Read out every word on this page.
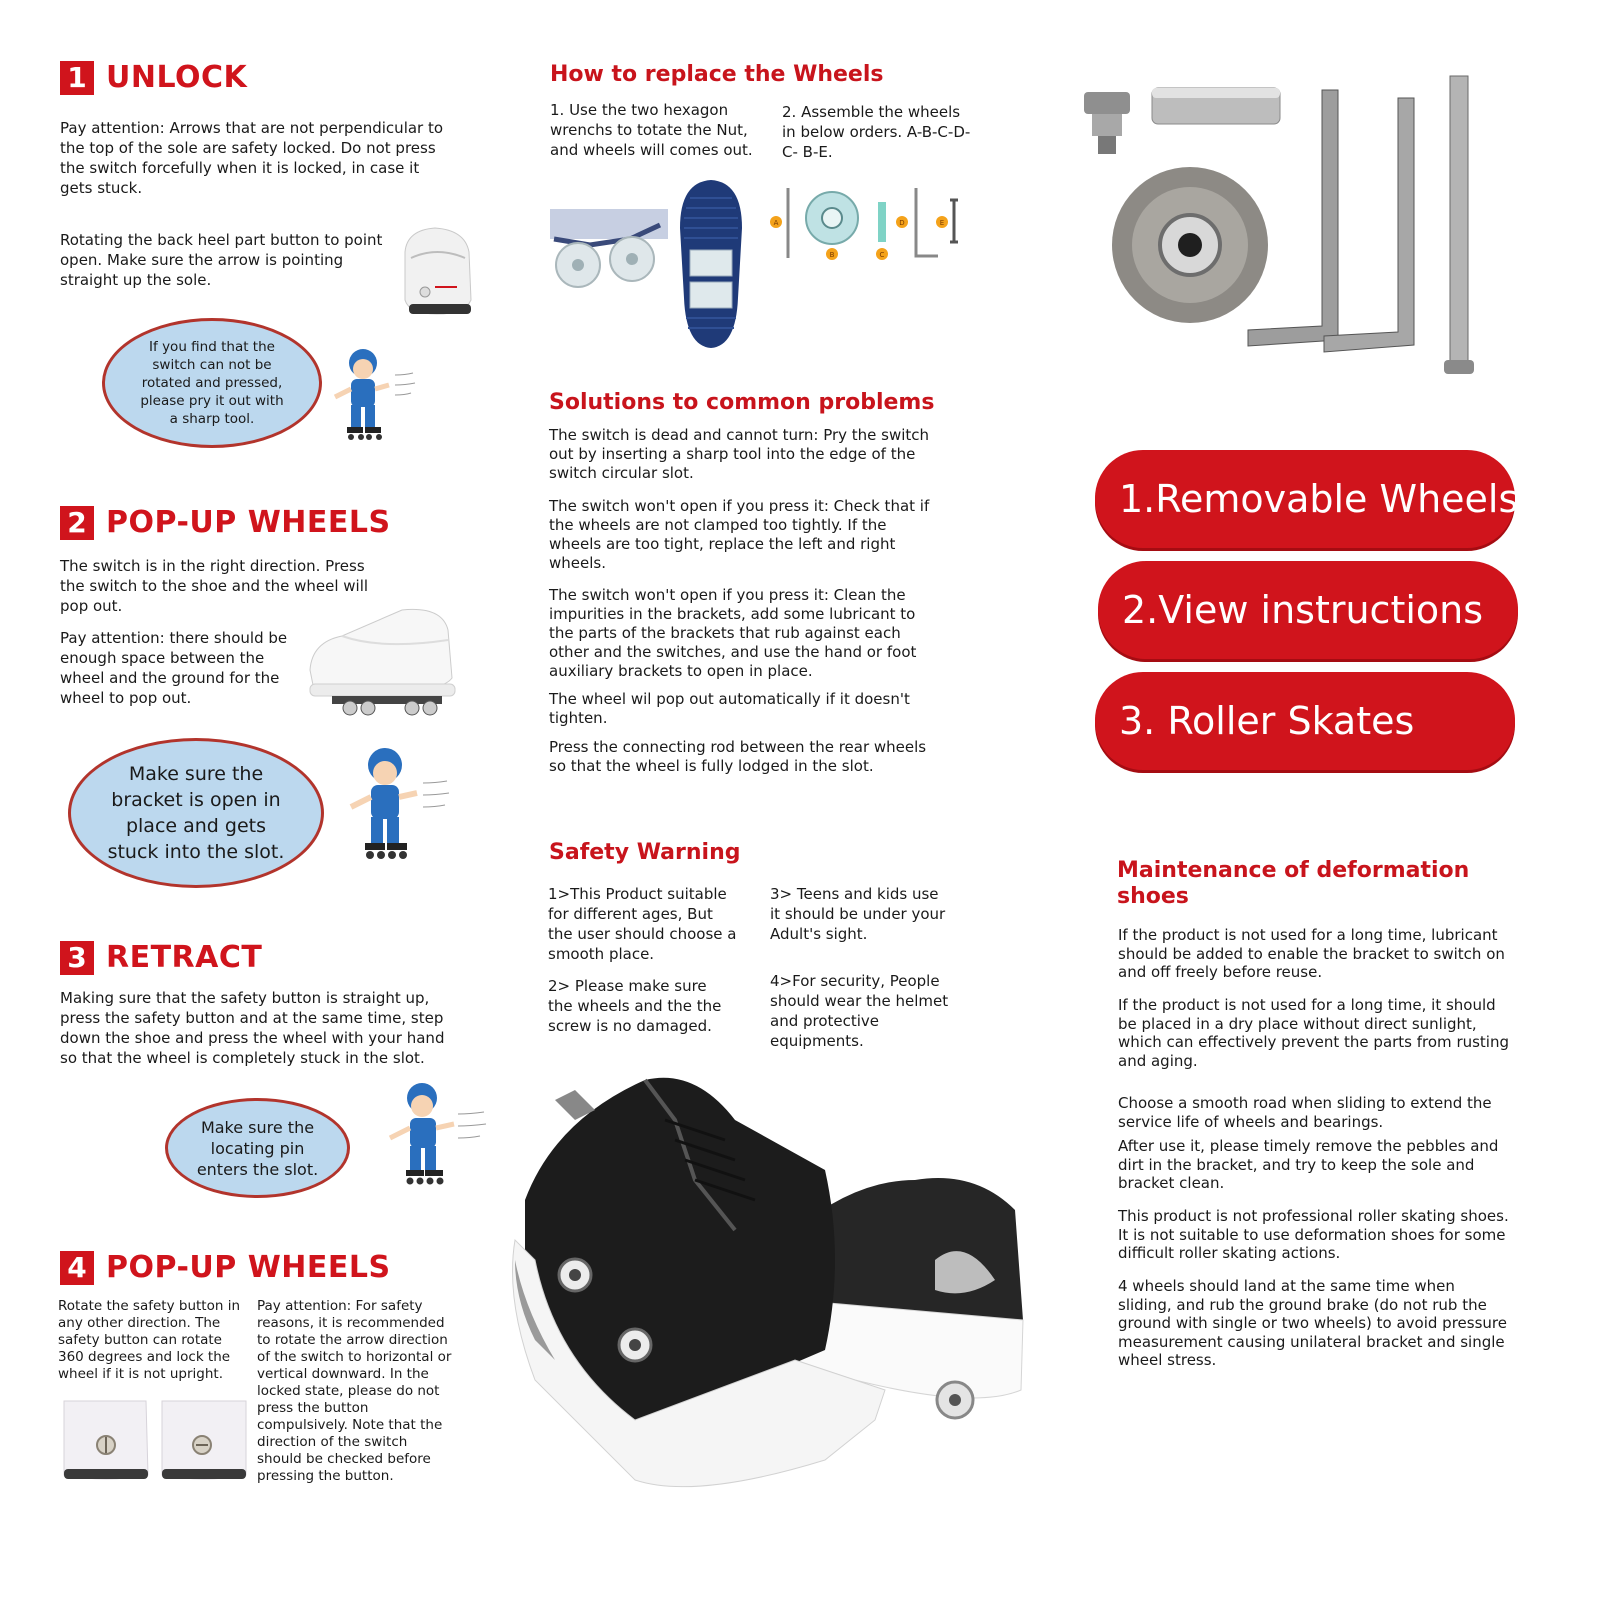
1 UNLOCK
Pay attention: Arrows that are not perpendicular to the top of the sole are safety locked. Do not press the switch forcefully when it is locked, in case it gets stuck.
Rotating the back heel part button to point open. Make sure the arrow is pointing straight up the sole.
If you find that the switch can not be rotated and pressed, please pry it out with a sharp tool.
2 POP-UP WHEELS
The switch is in the right direction. Press the switch to the shoe and the wheel will pop out.
Pay attention: there should be enough space between the wheel and the ground for the wheel to pop out.
Make sure the bracket is open in place and gets stuck into the slot.
3 RETRACT
Making sure that the safety button is straight up, press the safety button and at the same time, step down the shoe and press the wheel with your hand so that the wheel is completely stuck in the slot.
Make sure the locating pin enters the slot.
4 POP-UP WHEELS
Rotate the safety button in any other direction. The safety button can rotate 360 degrees and lock the wheel if it is not upright.
Pay attention: For safety reasons, it is recommended to rotate the arrow direction of the switch to horizontal or vertical downward. In the locked state, please do not press the button compulsively. Note that the direction of the switch should be checked before pressing the button.
How to replace the Wheels
1. Use the two hexagon wrenchs to totate the Nut, and wheels will comes out.
2. Assemble the wheels in below orders. A-B-C-D-C- B-E.
A
B	C
D	E
Solutions to common problems
The switch is dead and cannot turn: Pry the switch out by inserting a sharp tool into the edge of the switch circular slot.
The switch won't open if you press it: Check that if the wheels are not clamped too tightly. If the wheels are too tight, replace the left and right wheels.
The switch won't open if you press it: Clean the impurities in the brackets, add some lubricant to the parts of the brackets that rub against each other and the switches, and use the hand or foot auxiliary brackets to open in place.
The wheel wil pop out automatically if it doesn't tighten.
Press the connecting rod between the rear wheels so that the wheel is fully lodged in the slot.
Safety Warning
1>This Product suitable for different ages, But the user should choose a smooth place.
2> Please make sure the wheels and the the screw is no damaged.
3> Teens and kids use it should be under your Adult's sight.
4>For security, People should wear the helmet and protective equipments.
1.Removable Wheels
2.View instructions
3. Roller Skates
Maintenance of deformation shoes
If the product is not used for a long time, lubricant should be added to enable the bracket to switch on and off freely before reuse.
If the product is not used for a long time, it should be placed in a dry place without direct sunlight, which can effectively prevent the parts from rusting and aging.
Choose a smooth road when sliding to extend the service life of wheels and bearings.
After use it, please timely remove the pebbles and dirt in the bracket, and try to keep the sole and bracket clean.
This product is not professional roller skating shoes. It is not suitable to use deformation shoes for some difficult roller skating actions.
4 wheels should land at the same time when sliding, and rub the ground brake (do not rub the ground with single or two wheels) to avoid pressure measurement causing unilateral bracket and single wheel stress.
